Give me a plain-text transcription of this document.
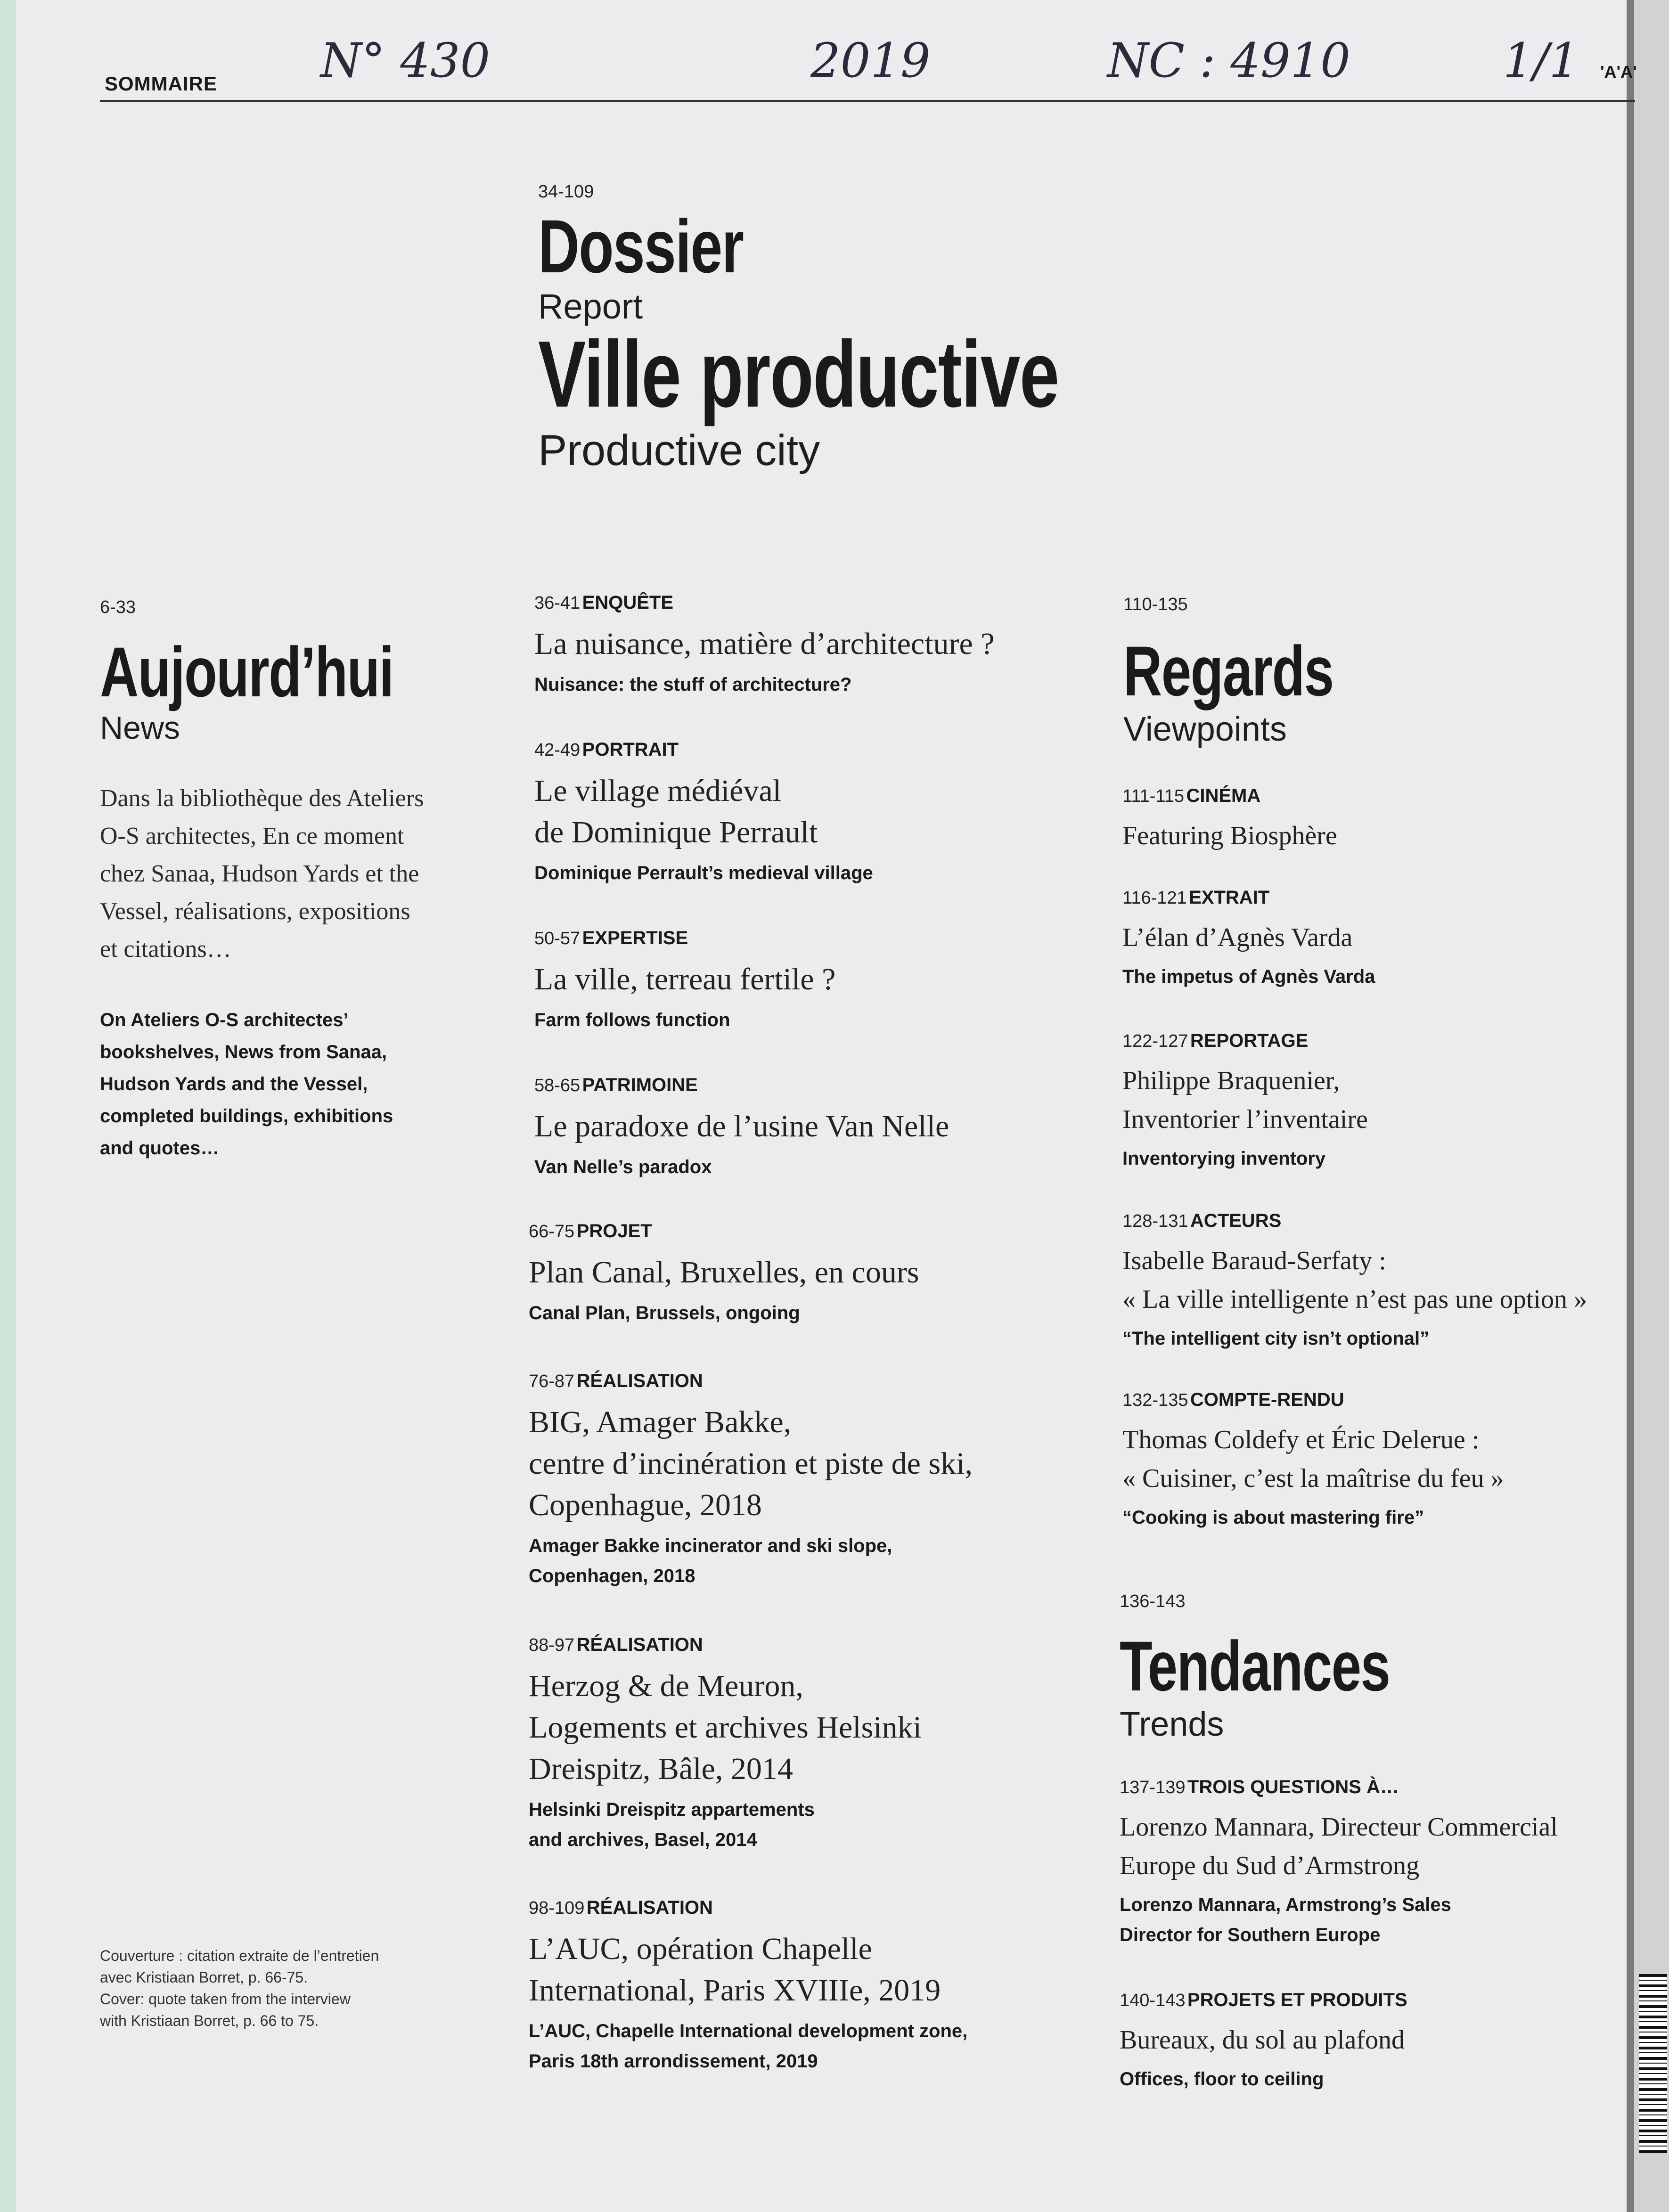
'A'A'
SOMMAIRE N° 430	2019	NC : 4910	1/1
34-109
Dossier
Report
Ville productive
Productive city
6-33
Aujourd’hui
News
Dans la bibliothèque des Ateliers
O-S architectes, En ce moment
chez Sanaa, Hudson Yards et the
Vessel, réalisations, expositions
et citations…
On Ateliers O-S architectes’
bookshelves, News from Sanaa,
Hudson Yards and the Vessel,
completed buildings, exhibitions
and quotes…
Couverture : citation extraite de l’entretien
avec Kristiaan Borret, p. 66-75.
Cover: quote taken from the interview
with Kristiaan Borret, p. 66 to 75.
36-41 ENQUÊTE
La nuisance, matière d’architecture ?
Nuisance: the stuff of architecture?
42-49 PORTRAIT
Le village médiéval
de Dominique Perrault
Dominique Perrault’s medieval village
50-57 EXPERTISE
La ville, terreau fertile ?
Farm follows function
58-65 PATRIMOINE
Le paradoxe de l’usine Van Nelle
Van Nelle’s paradox
66-75 PROJET
Plan Canal, Bruxelles, en cours
Canal Plan, Brussels, ongoing
76-87 RÉALISATION
BIG, Amager Bakke,
centre d’incinération et piste de ski,
Copenhague, 2018
Amager Bakke incinerator and ski slope,
Copenhagen, 2018
88-97 RÉALISATION
Herzog & de Meuron,
Logements et archives Helsinki
Dreispitz, Bâle, 2014
Helsinki Dreispitz appartements
and archives, Basel, 2014
98-109 RÉALISATION
L’AUC, opération Chapelle
International, Paris XVIIIe, 2019
L’AUC, Chapelle International development zone,
Paris 18th arrondissement, 2019
110-135
Regards
Viewpoints
111-115 CINÉMA
Featuring Biosphère
116-121 EXTRAIT
L’élan d’Agnès Varda
The impetus of Agnès Varda
122-127 REPORTAGE
Philippe Braquenier,
Inventorier l’inventaire
Inventorying inventory
128-131 ACTEURS
Isabelle Baraud-Serfaty :
« La ville intelligente n’est pas une option »
“The intelligent city isn’t optional”
132-135 COMPTE-RENDU
Thomas Coldefy et Éric Delerue :
« Cuisiner, c’est la maîtrise du feu »
“Cooking is about mastering fire”
136-143
Tendances
Trends
137-139 TROIS QUESTIONS À…
Lorenzo Mannara, Directeur Commercial
Europe du Sud d’Armstrong
Lorenzo Mannara, Armstrong’s Sales
Director for Southern Europe
140-143 PROJETS ET PRODUITS
Bureaux, du sol au plafond
Offices, floor to ceiling
